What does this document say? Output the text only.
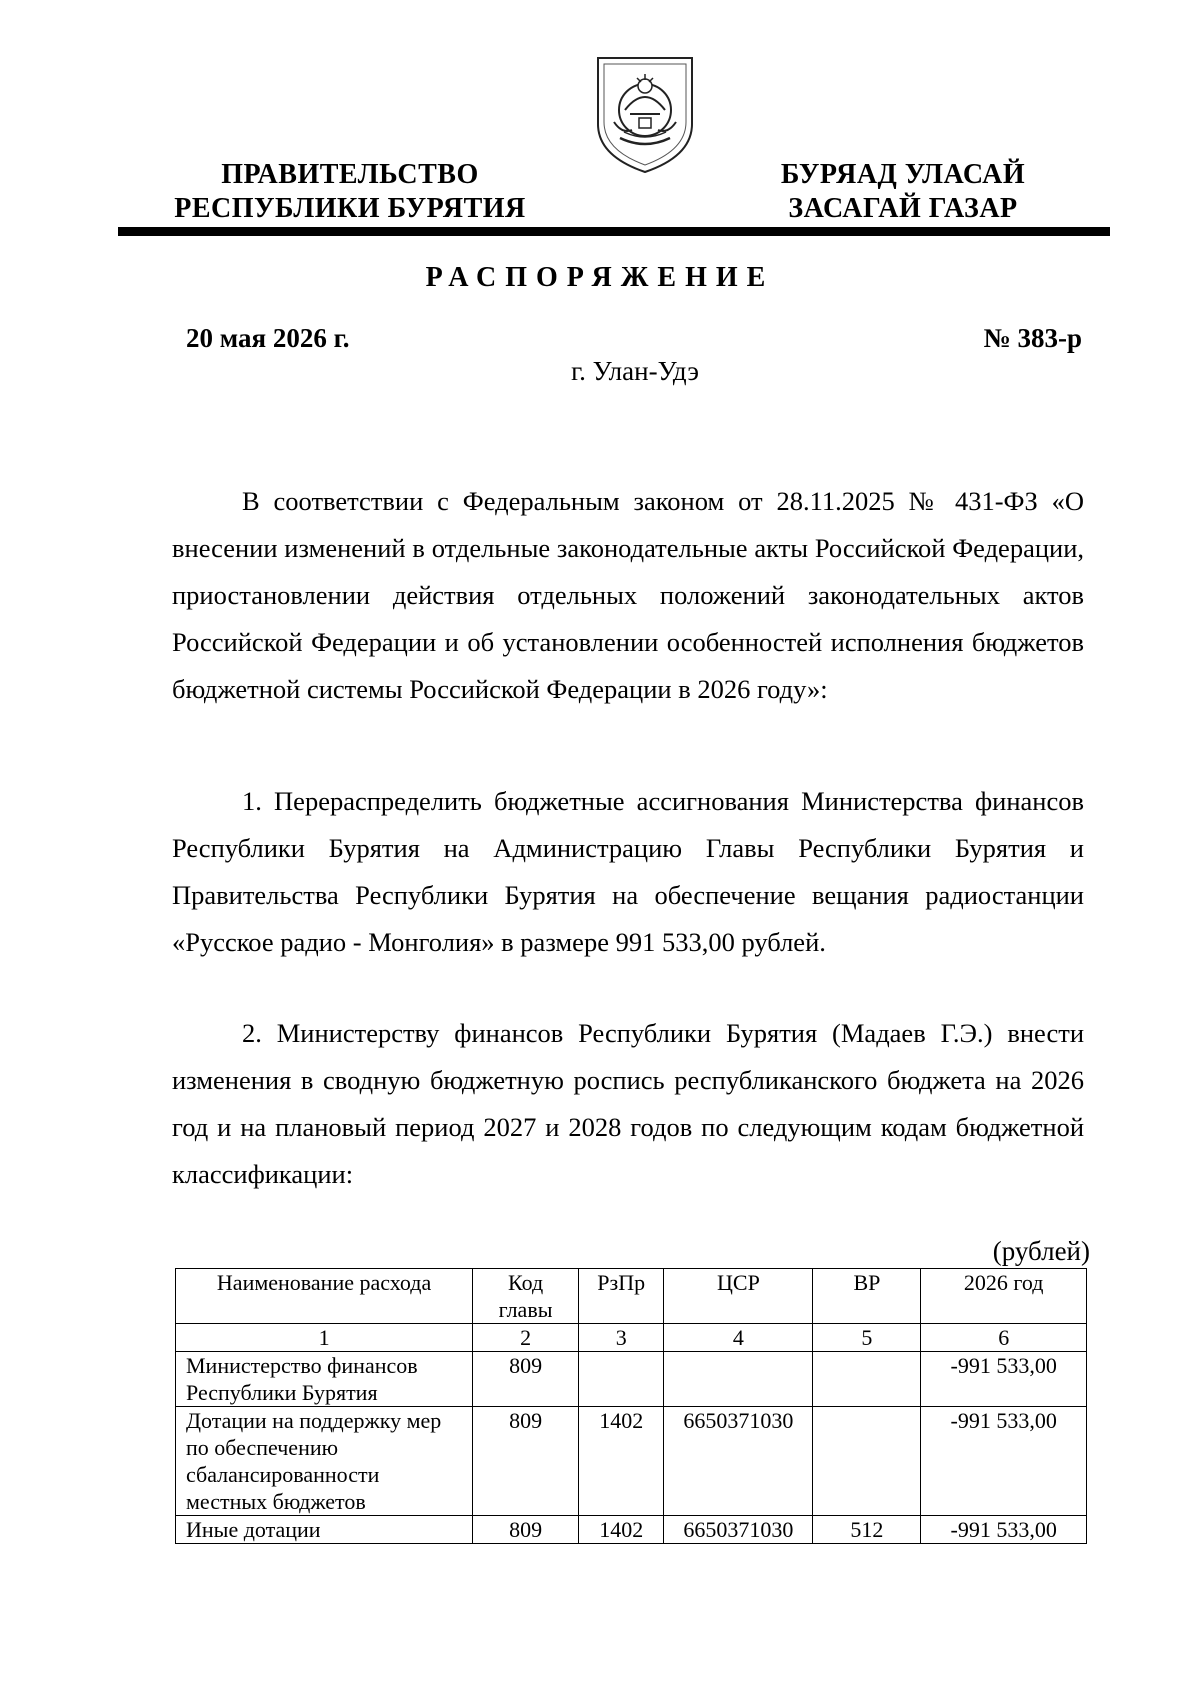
ПРАВИТЕЛЬСТВО
РЕСПУБЛИКИ БУРЯТИЯ
БУРЯАД УЛАСАЙ
ЗАСАГАЙ ГАЗАР
РАСПОРЯЖЕНИЕ
20 мая 2026 г.	№ 383-р
г. Улан-Удэ

В соответствии с Федеральным законом от 28.11.2025 № 431-ФЗ «О внесении изменений в отдельные законодательные акты Российской Федерации, приостановлении действия отдельных положений законодательных актов Российской Федерации и об установлении особенностей исполнения бюджетов бюджетной системы Российской Федерации в 2026 году»:

1. Перераспределить бюджетные ассигнования Министерства финансов Республики Бурятия на Администрацию Главы Республики Бурятия и Правительства Республики Бурятия на обеспечение вещания радиостанции «Русское радио - Монголия» в размере 991 533,00 рублей.

2. Министерству финансов Республики Бурятия (Мадаев Г.Э.) внести изменения в сводную бюджетную роспись республиканского бюджета на 2026 год и на плановый период 2027 и 2028 годов по следующим кодам бюджетной классификации:

(рублей)
Наименование расхода	Код главы	РзПр	ЦСР	ВР	2026 год
1	2	3	4	5	6
Министерство финансов Республики Бурятия	809				-991 533,00
Дотации на поддержку мер по обеспечению сбалансированности местных бюджетов	809	1402	6650371030		-991 533,00
Иные дотации	809	1402	6650371030	512	-991 533,00
